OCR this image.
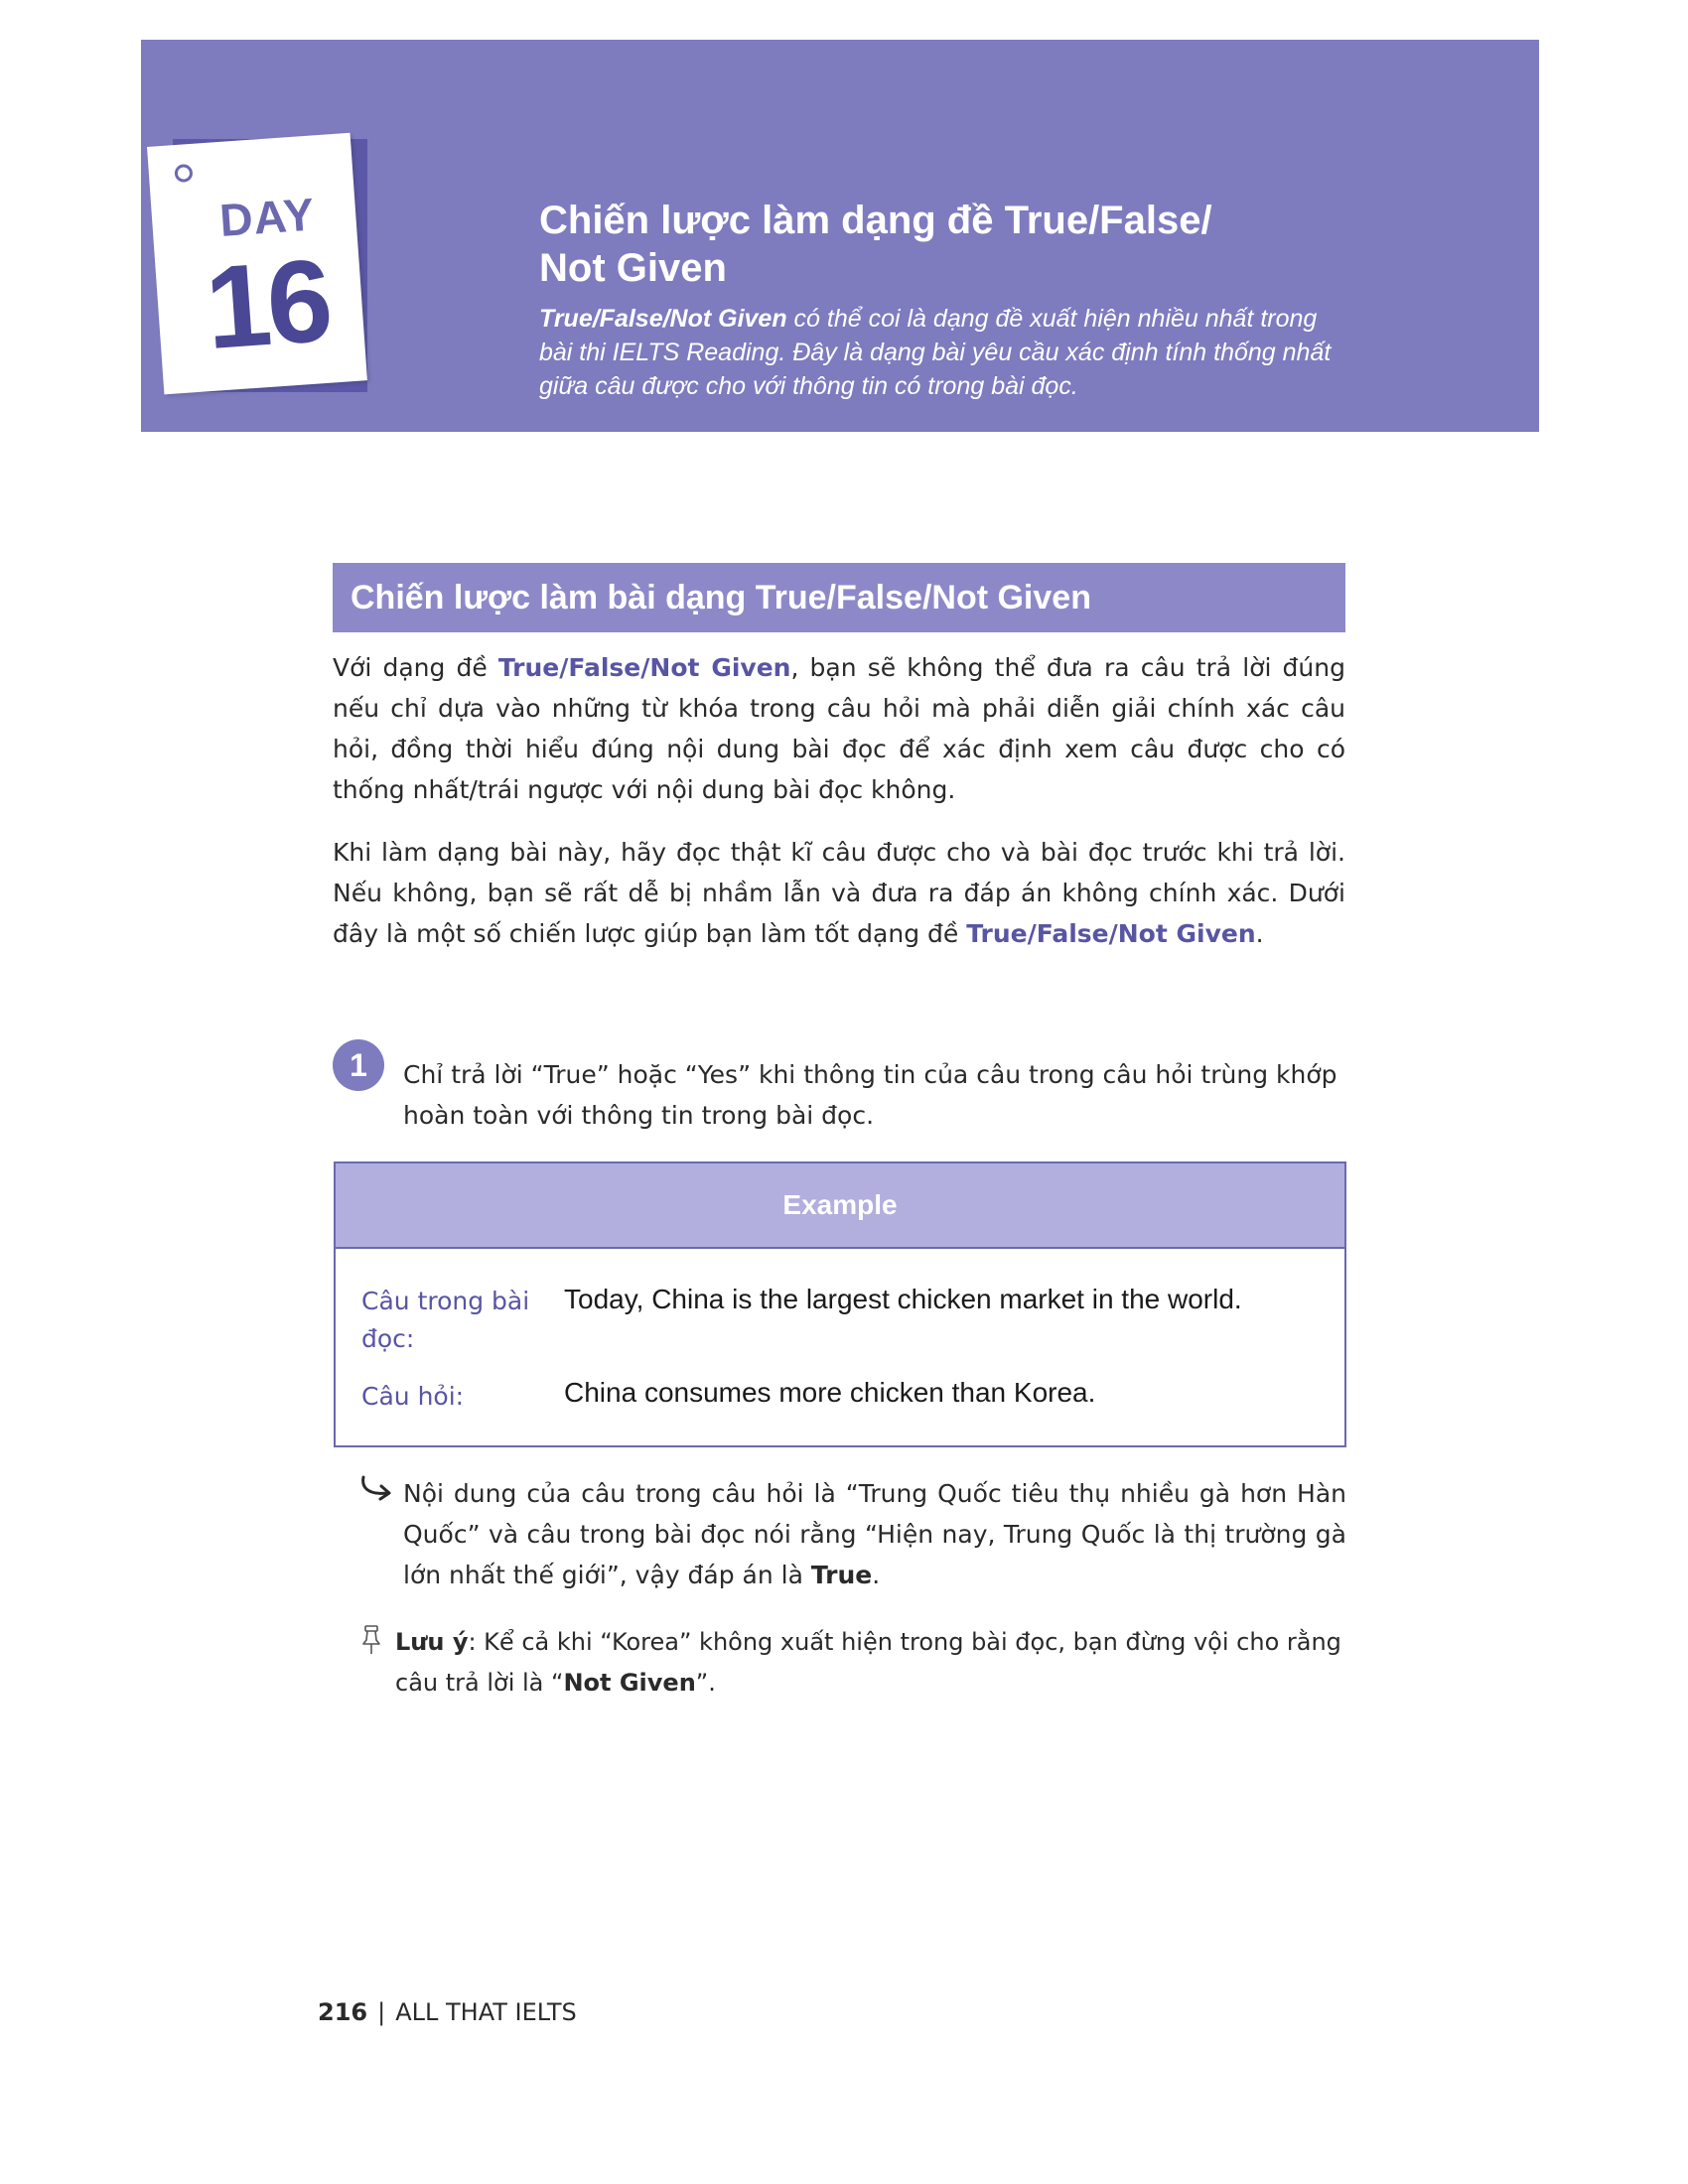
DAY
16
Chiến lược làm dạng đề True/False/
Not Given

True/False/Not Given có thể coi là dạng đề xuất hiện nhiều nhất trong bài thi IELTS Reading. Đây là dạng bài yêu cầu xác định tính thống nhất giữa câu được cho với thông tin có trong bài đọc.

Chiến lược làm bài dạng True/False/Not Given

Với dạng đề True/False/Not Given, bạn sẽ không thể đưa ra câu trả lời đúng nếu chỉ dựa vào những từ khóa trong câu hỏi mà phải diễn giải chính xác câu hỏi, đồng thời hiểu đúng nội dung bài đọc để xác định xem câu được cho có thống nhất/trái ngược với nội dung bài đọc không.

Khi làm dạng bài này, hãy đọc thật kĩ câu được cho và bài đọc trước khi trả lời. Nếu không, bạn sẽ rất dễ bị nhầm lẫn và đưa ra đáp án không chính xác. Dưới đây là một số chiến lược giúp bạn làm tốt dạng đề True/False/Not Given.

1	Chỉ trả lời “True” hoặc “Yes” khi thông tin của câu trong câu hỏi trùng khớp hoàn toàn với thông tin trong bài đọc.

Example
Câu trong bài đọc:
Today, China is the largest chicken market in the world.
Câu hỏi:	China consumes more chicken than Korea.

Nội dung của câu trong câu hỏi là “Trung Quốc tiêu thụ nhiều gà hơn Hàn Quốc” và câu trong bài đọc nói rằng “Hiện nay, Trung Quốc là thị trường gà lớn nhất thế giới”, vậy đáp án là True.

Lưu ý: Kể cả khi “Korea” không xuất hiện trong bài đọc, bạn đừng vội cho rằng câu trả lời là “Not Given”.

216 | ALL THAT IELTS
